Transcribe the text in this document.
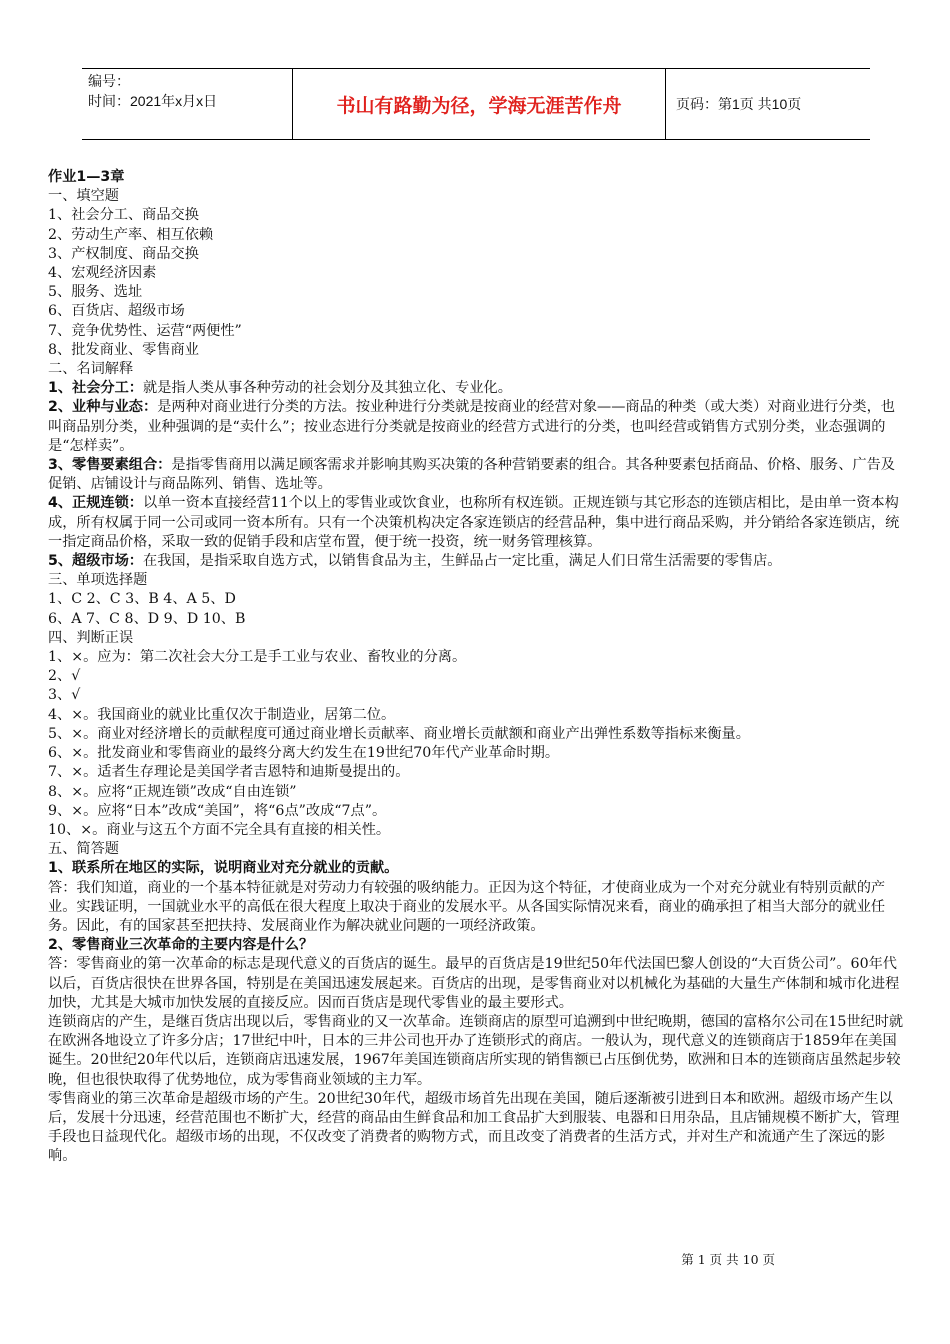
编号：
时间：2021年x月x日	书山有路勤为径，学海无涯苦作舟	页码：第1页 共10页

作业1—3章

一、填空题

1、社会分工、商品交换

2、劳动生产率、相互依赖

3、产权制度、商品交换

4、宏观经济因素

5、服务、选址

6、百货店、超级市场

7、竞争优势性、运营“两便性”

8、批发商业、零售商业

二、名词解释

1、社会分工：就是指人类从事各种劳动的社会划分及其独立化、专业化。

2、业种与业态：是两种对商业进行分类的方法。按业种进行分类就是按商业的经营对象——商品的种类（或大类）对商业进行分类，也叫商品别分类，业种强调的是“卖什么”；按业态进行分类就是按商业的经营方式进行的分类，也叫经营或销售方式别分类，业态强调的是“怎样卖”。

3、零售要素组合：是指零售商用以满足顾客需求并影响其购买决策的各种营销要素的组合。其各种要素包括商品、价格、服务、广告及促销、店铺设计与商品陈列、销售、选址等。

4、正规连锁：以单一资本直接经营11个以上的零售业或饮食业，也称所有权连锁。正规连锁与其它形态的连锁店相比，是由单一资本构成，所有权属于同一公司或同一资本所有。只有一个决策机构决定各家连锁店的经营品种，集中进行商品采购，并分销给各家连锁店，统一指定商品价格，采取一致的促销手段和店堂布置，便于统一投资，统一财务管理核算。

5、超级市场：在我国，是指采取自选方式，以销售食品为主，生鲜品占一定比重，满足人们日常生活需要的零售店。

三、单项选择题

1、C 2、C 3、B 4、A 5、D

6、A 7、C 8、D 9、D 10、B

四、判断正误

1、×。应为：第二次社会大分工是手工业与农业、畜牧业的分离。

2、√

3、√

4、×。我国商业的就业比重仅次于制造业，居第二位。

5、×。商业对经济增长的贡献程度可通过商业增长贡献率、商业增长贡献额和商业产出弹性系数等指标来衡量。

6、×。批发商业和零售商业的最终分离大约发生在19世纪70年代产业革命时期。

7、×。适者生存理论是美国学者吉恩特和迪斯曼提出的。

8、×。应将“正规连锁”改成“自由连锁”

9、×。应将“日本”改成“美国”，将“6点”改成“7点”。

10、×。商业与这五个方面不完全具有直接的相关性。

五、简答题

1、联系所在地区的实际，说明商业对充分就业的贡献。

答：我们知道，商业的一个基本特征就是对劳动力有较强的吸纳能力。正因为这个特征，才使商业成为一个对充分就业有特别贡献的产业。实践证明，一国就业水平的高低在很大程度上取决于商业的发展水平。从各国实际情况来看，商业的确承担了相当大部分的就业任务。因此，有的国家甚至把扶持、发展商业作为解决就业问题的一项经济政策。

2、零售商业三次革命的主要内容是什么？

答：零售商业的第一次革命的标志是现代意义的百货店的诞生。最早的百货店是19世纪50年代法国巴黎人创设的“大百货公司”。60年代以后，百货店很快在世界各国，特别是在美国迅速发展起来。百货店的出现，是零售商业对以机械化为基础的大量生产体制和城市化进程加快，尤其是大城市加快发展的直接反应。因而百货店是现代零售业的最主要形式。

连锁商店的产生，是继百货店出现以后，零售商业的又一次革命。连锁商店的原型可追溯到中世纪晚期，德国的富格尔公司在15世纪时就在欧洲各地设立了许多分店；17世纪中叶，日本的三井公司也开办了连锁形式的商店。一般认为，现代意义的连锁商店于1859年在美国诞生。20世纪20年代以后，连锁商店迅速发展，1967年美国连锁商店所实现的销售额已占压倒优势，欧洲和日本的连锁商店虽然起步较晚，但也很快取得了优势地位，成为零售商业领域的主力军。

零售商业的第三次革命是超级市场的产生。20世纪30年代，超级市场首先出现在美国，随后逐渐被引进到日本和欧洲。超级市场产生以后，发展十分迅速，经营范围也不断扩大，经营的商品由生鲜食品和加工食品扩大到服装、电器和日用杂品，且店铺规模不断扩大，管理手段也日益现代化。超级市场的出现，不仅改变了消费者的购物方式，而且改变了消费者的生活方式，并对生产和流通产生了深远的影响。

第 1 页 共 10 页
